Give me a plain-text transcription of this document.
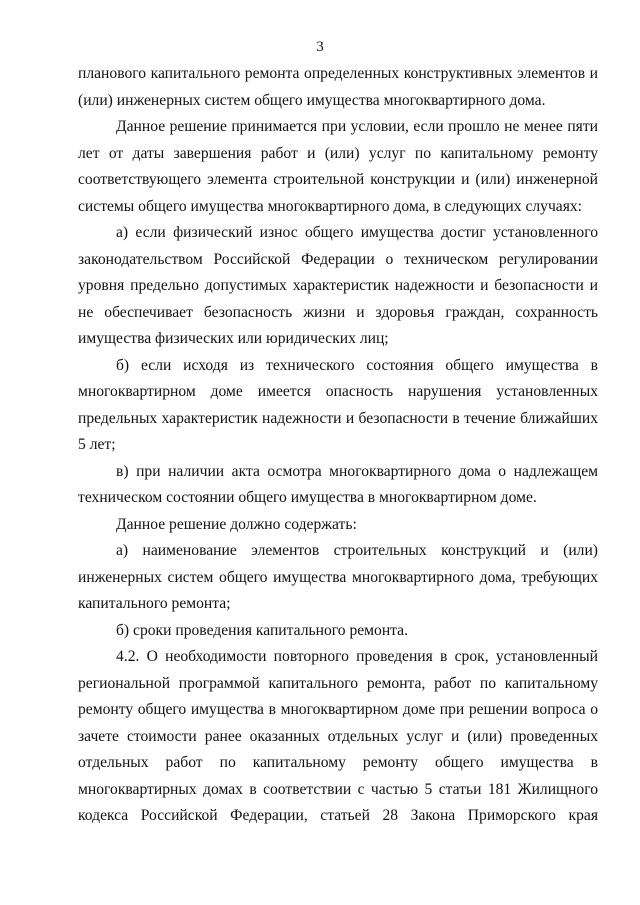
3

планового капитального ремонта определенных конструктивных элементов и (или) инженерных систем общего имущества многоквартирного дома.

Данное решение принимается при условии, если прошло не менее пяти лет от даты завершения работ и (или) услуг по капитальному ремонту соответствующего элемента строительной конструкции и (или) инженерной системы общего имущества многоквартирного дома, в следующих случаях:

а) если физический износ общего имущества достиг установленного законодательством Российской Федерации о техническом регулировании уровня предельно допустимых характеристик надежности и безопасности и не обеспечивает безопасность жизни и здоровья граждан, сохранность имущества физических или юридических лиц;

б) если исходя из технического состояния общего имущества в многоквартирном доме имеется опасность нарушения установленных предельных характеристик надежности и безопасности в течение ближайших 5 лет;

в) при наличии акта осмотра многоквартирного дома о надлежащем техническом состоянии общего имущества в многоквартирном доме.

Данное решение должно содержать:

а) наименование элементов строительных конструкций и (или) инженерных систем общего имущества многоквартирного дома, требующих капитального ремонта;

б) сроки проведения капитального ремонта.

4.2. О необходимости повторного проведения в срок, установленный региональной программой капитального ремонта, работ по капитальному ремонту общего имущества в многоквартирном доме при решении вопроса о зачете стоимости ранее оказанных отдельных услуг и (или) проведенных отдельных работ по капитальному ремонту общего имущества в многоквартирных домах в соответствии с частью 5 статьи 181 Жилищного кодекса Российской Федерации, статьей 28 Закона Приморского края
